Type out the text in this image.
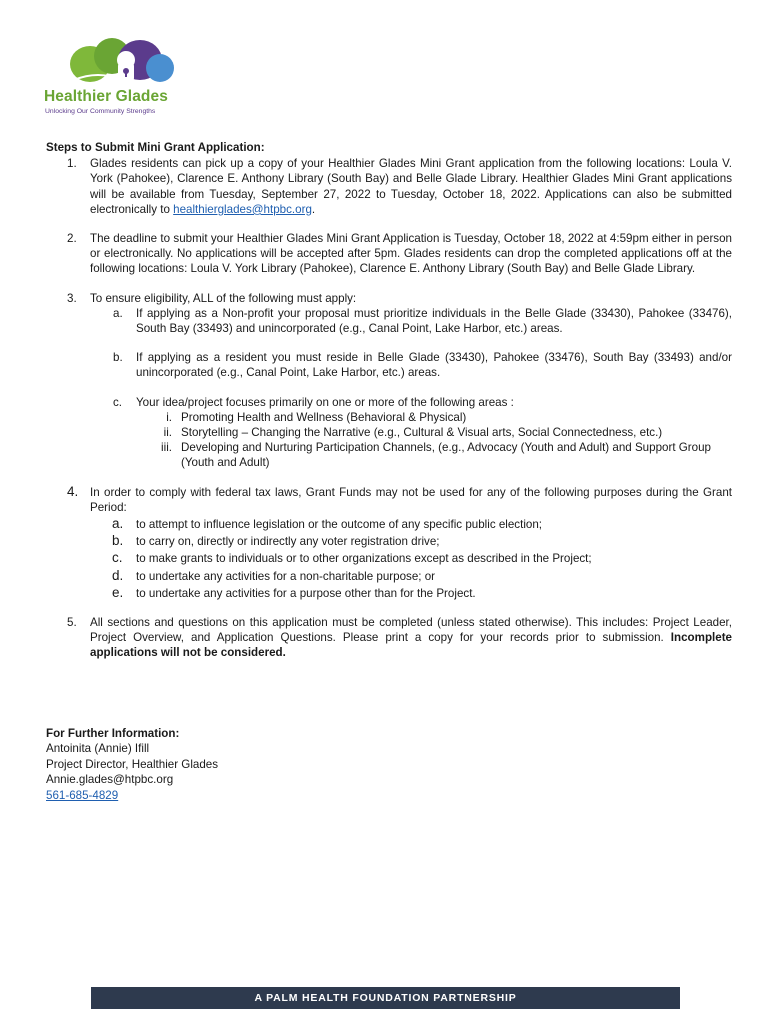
Healthier Glades
Unlocking Our Community Strengths

Steps to Submit Mini Grant Application:

1. Glades residents can pick up a copy of your Healthier Glades Mini Grant application from the following locations: Loula V. York (Pahokee), Clarence E. Anthony Library (South Bay) and Belle Glade Library. Healthier Glades Mini Grant applications will be available from Tuesday, September 27, 2022 to Tuesday, October 18, 2022. Applications can also be submitted electronically to healthierglades@htpbc.org.
2. The deadline to submit your Healthier Glades Mini Grant Application is Tuesday, October 18, 2022 at 4:59pm either in person or electronically. No applications will be accepted after 5pm. Glades residents can drop the completed applications off at the following locations: Loula V. York Library (Pahokee), Clarence E. Anthony Library (South Bay) and Belle Glade Library.
3. To ensure eligibility, ALL of the following must apply:
a. If applying as a Non-profit your proposal must prioritize individuals in the Belle Glade (33430), Pahokee (33476), South Bay (33493) and unincorporated (e.g., Canal Point, Lake Harbor, etc.) areas.
b. If applying as a resident you must reside in Belle Glade (33430), Pahokee (33476), South Bay (33493) and/or unincorporated (e.g., Canal Point, Lake Harbor, etc.) areas.
c. Your idea/project focuses primarily on one or more of the following areas :
i. Promoting Health and Wellness (Behavioral & Physical)
ii. Storytelling – Changing the Narrative (e.g., Cultural & Visual arts, Social Connectedness, etc.)
iii. Developing and Nurturing Participation Channels, (e.g., Advocacy (Youth and Adult) and Support Group (Youth and Adult)
4. In order to comply with federal tax laws, Grant Funds may not be used for any of the following purposes during the Grant Period:
a. to attempt to influence legislation or the outcome of any specific public election;
b. to carry on, directly or indirectly any voter registration drive;
c. to make grants to individuals or to other organizations except as described in the Project;
d. to undertake any activities for a non-charitable purpose; or
e. to undertake any activities for a purpose other than for the Project.
5. All sections and questions on this application must be completed (unless stated otherwise). This includes: Project Leader, Project Overview, and Application Questions. Please print a copy for your records prior to submission. Incomplete applications will not be considered.
For Further Information:
Antoinita (Annie) Ifill
Project Director, Healthier Glades
Annie.glades@htpbc.org
561-685-4829
A PALM HEALTH FOUNDATION PARTNERSHIP
